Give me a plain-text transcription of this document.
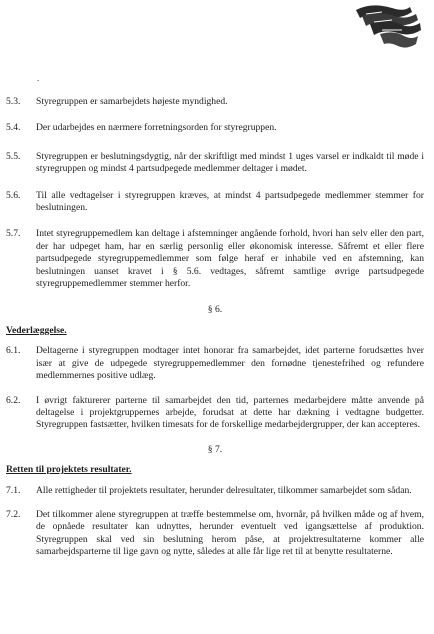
.
5.3.	Styregruppen er samarbejdets højeste myndighed.
5.4.	Der udarbejdes en nærmere forretningsorden for styregruppen.
5.5.	Styregruppen er beslutningsdygtig, når der skriftligt med mindst 1 uges varsel er indkaldt til møde i styregruppen og mindst 4 partsudpegede medlemmer deltager i mødet.
5.6.	Til alle vedtagelser i styregruppen kræves, at mindst 4 partsudpegede medlemmer stemmer for beslutningen.
5.7.	Intet styregruppemedlem kan deltage i afstemninger angående forhold, hvori han selv eller den part, der har udpeget ham, har en særlig personlig eller økonomisk interesse. Såfremt et eller flere partsudpegede styregruppemedlemmer som følge heraf er inhabile ved en afstemning, kan beslutningen uanset kravet i § 5.6. vedtages, såfremt samtlige øvrige partsudpegede styregruppemedlemmer stemmer herfor.
§ 6.
Vederlæggelse.
6.1.	Deltagerne i styregruppen modtager intet honorar fra samarbejdet, idet parterne forudsættes hver især at give de udpegede styregruppemedlemmer den fornødne tjenestefrihed og refundere medlemmernes positive udlæg.
6.2.	I øvrigt fakturerer parterne til samarbejdet den tid, parternes medarbejdere måtte anvende på deltagelse i projektgruppernes arbejde, forudsat at dette har dækning i vedtagne budgetter. Styregruppen fastsætter, hvilken timesats for de forskellige medarbejdergrupper, der kan accepteres.
§ 7.
Retten til projektets resultater.
7.1.	Alle rettigheder til projektets resultater, herunder delresultater, tilkommer samarbejdet som sådan.
7.2.	Det tilkommer alene styregruppen at træffe bestemmelse om, hvornår, på hvilken måde og af hvem, de opnåede resultater kan udnyttes, herunder eventuelt ved igangsættelse af produktion. Styregruppen skal ved sin beslutning herom påse, at projektresultaterne kommer alle samarbejdsparterne til lige gavn og nytte, således at alle får lige ret til at benytte resultaterne.
